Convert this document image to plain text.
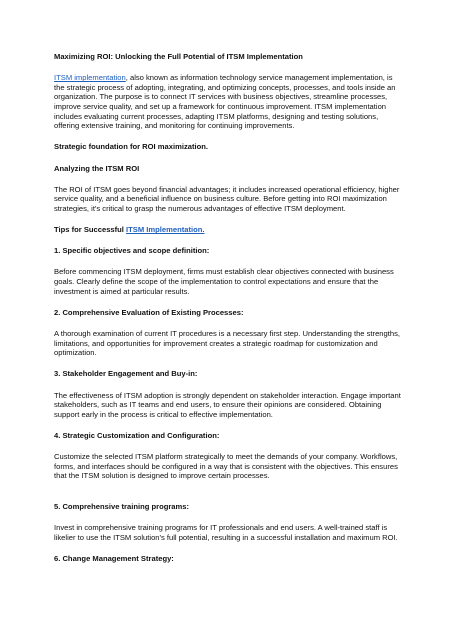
Maximizing ROI: Unlocking the Full Potential of ITSM Implementation

ITSM implementation, also known as information technology service management implementation, is the strategic process of adopting, integrating, and optimizing concepts, processes, and tools inside an organization. The purpose is to connect IT services with business objectives, streamline processes, improve service quality, and set up a framework for continuous improvement. ITSM implementation includes evaluating current processes, adapting ITSM platforms, designing and testing solutions, offering extensive training, and monitoring for continuing improvements.

Strategic foundation for ROI maximization.

Analyzing the ITSM ROI

The ROI of ITSM goes beyond financial advantages; it includes increased operational efficiency, higher service quality, and a beneficial influence on business culture. Before getting into ROI maximization strategies, it's critical to grasp the numerous advantages of effective ITSM deployment.

Tips for Successful ITSM Implementation.

1. Specific objectives and scope definition:

Before commencing ITSM deployment, firms must establish clear objectives connected with business goals. Clearly define the scope of the implementation to control expectations and ensure that the investment is aimed at particular results.

2. Comprehensive Evaluation of Existing Processes:

A thorough examination of current IT procedures is a necessary first step. Understanding the strengths, limitations, and opportunities for improvement creates a strategic roadmap for customization and optimization.

3. Stakeholder Engagement and Buy-in:

The effectiveness of ITSM adoption is strongly dependent on stakeholder interaction. Engage important stakeholders, such as IT teams and end users, to ensure their opinions are considered. Obtaining support early in the process is critical to effective implementation.

4. Strategic Customization and Configuration:

Customize the selected ITSM platform strategically to meet the demands of your company. Workflows, forms, and interfaces should be configured in a way that is consistent with the objectives. This ensures that the ITSM solution is designed to improve certain processes.

5. Comprehensive training programs:

Invest in comprehensive training programs for IT professionals and end users. A well-trained staff is likelier to use the ITSM solution's full potential, resulting in a successful installation and maximum ROI.

6. Change Management Strategy:
